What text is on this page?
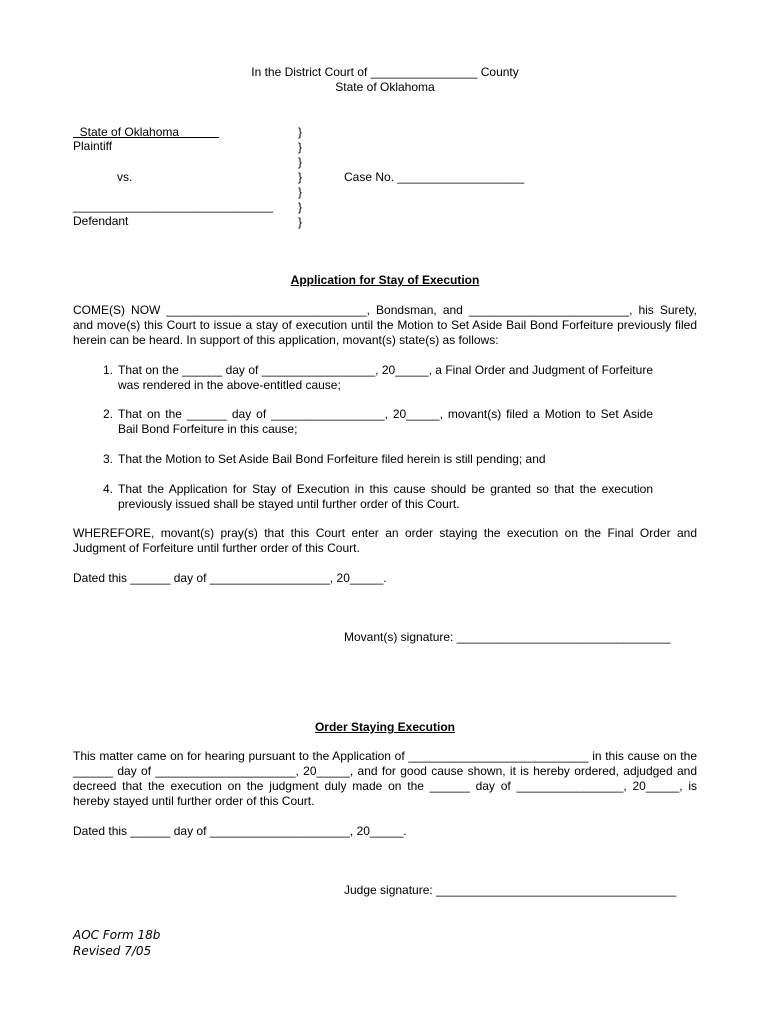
In the District Court of ________________ County
State of Oklahoma
State of Oklahoma
Plaintiff
vs.
______________________________
Defendant
}
}
}
}
}
}
}
Case No. ___________________
Application for Stay of Execution
COME(S) NOW ______________________________, Bondsman, and ________________________, his Surety, and move(s) this Court to issue a stay of execution until the Motion to Set Aside Bail Bond Forfeiture previously filed herein can be heard. In support of this application, movant(s) state(s) as follows:
1. That on the ______ day of _________________, 20_____, a Final Order and Judgment of Forfeiture was rendered in the above-entitled cause;
2. That on the ______ day of _________________, 20_____, movant(s) filed a Motion to Set Aside Bail Bond Forfeiture in this cause;
3. That the Motion to Set Aside Bail Bond Forfeiture filed herein is still pending; and
4. That the Application for Stay of Execution in this cause should be granted so that the execution previously issued shall be stayed until further order of this Court.
WHEREFORE, movant(s) pray(s) that this Court enter an order staying the execution on the Final Order and Judgment of Forfeiture until further order of this Court.
Dated this ______ day of __________________, 20_____.
Movant(s) signature: ________________________________
Order Staying Execution
This matter came on for hearing pursuant to the Application of ___________________________ in this cause on the ______ day of _____________________, 20_____, and for good cause shown, it is hereby ordered, adjudged and decreed that the execution on the judgment duly made on the ______ day of ________________, 20_____, is hereby stayed until further order of this Court.
Dated this ______ day of _____________________, 20_____.
Judge signature: ____________________________________
AOC Form 18b
Revised 7/05
